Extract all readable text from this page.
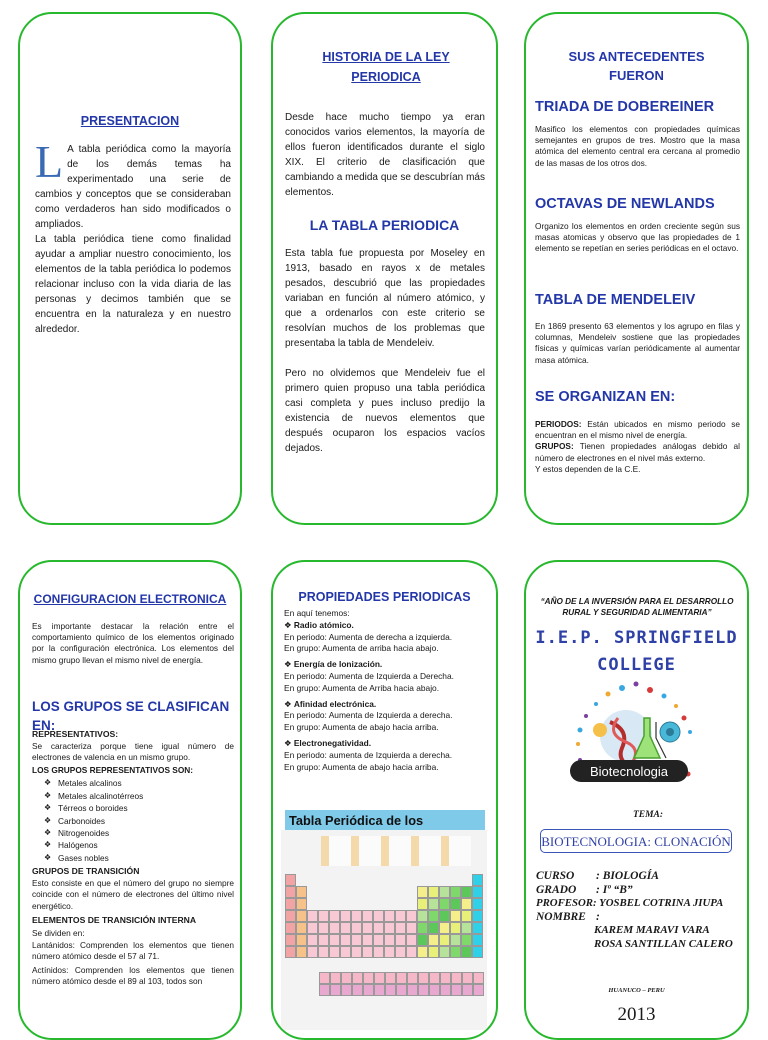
PRESENTACION

L A tabla periódica como la mayoría de los demás temas ha experimentado una serie de cambios y conceptos que se consideraban como verdaderos han sido modificados o ampliados.

La tabla periódica tiene como finalidad ayudar a ampliar nuestro conocimiento, los elementos de la tabla periódica lo podemos relacionar incluso con la vida diaria de las personas y decimos también que se encuentra en la naturaleza y en nuestro alrededor.

HISTORIA DE LA LEY PERIODICA

Desde hace mucho tiempo ya eran conocidos varios elementos, la mayoría de ellos fueron identificados durante el siglo XIX. El criterio de clasificación que cambiando a medida que se descubrían más elementos.

LA TABLA PERIODICA

Esta tabla fue propuesta por Moseley en 1913, basado en rayos x de metales pesados, descubrió que las propiedades variaban en función al número atómico, y que a ordenarlos con este criterio se resolvían muchos de los problemas que presentaba la tabla de Mendeleiv.

Pero no olvidemos que Mendeleiv fue el primero quien propuso una tabla periódica casi completa y pues incluso predijo la existencia de nuevos elementos que después ocuparon los espacios vacíos dejados.

SUS ANTECEDENTES FUERON

TRIADA DE DOBEREINER

Masifico los elementos con propiedades químicas semejantes en grupos de tres. Mostro que la masa atómica del elemento central era cercana al promedio de las masas de los otros dos.

OCTAVAS DE NEWLANDS

Organizo los elementos en orden creciente según sus masas atomicas y observo que las propiedades de 1 elemento se repetían en series periódicas en el octavo.

TABLA DE MENDELEIV

En 1869 presento 63 elementos y los agrupo en filas y columnas, Mendeleiv sostiene que las propiedades físicas y químicas varían periódicamente al aumentar masa atómica.

SE ORGANIZAN EN:

PERIODOS: Están ubicados en mismo periodo se encuentran en el mismo nivel de energía.

GRUPOS: Tienen propiedades análogas debido al número de electrones en el nivel más externo.

Y estos dependen de la C.E.

CONFIGURACION ELECTRONICA

Es importante destacar la relación entre el comportamiento químico de los elementos originado por la configuración electrónica. Los elementos del mismo grupo llevan el mismo nivel de energía.

LOS GRUPOS SE CLASIFICAN EN:

REPRESENTATIVOS:

Se caracteriza porque tiene igual número de electrones de valencia en un mismo grupo.

LOS GRUPOS REPRESENTATIVOS SON:

❖ Metales alcalinos
❖ Metales alcalinotérreos
❖ Térreos o boroides
❖ Carbonoides
❖ Nitrogenoides
❖ Halógenos
❖ Gases nobles

GRUPOS DE TRANSICIÓN

Esto consiste en que el número del grupo no siempre coincide con el número de electrones del último nivel energético.

ELEMENTOS DE TRANSICIÓN INTERNA

Se dividen en:

Lantánidos: Comprenden los elementos que tienen número atómico desde el 57 al 71.

Actínidos: Comprenden los elementos que tienen número atómico desde el 89 al 103, todos son

PROPIEDADES PERIODICAS

En aquí tenemos:

❖ Radio atómico.

En periodo: Aumenta de derecha a izquierda.

En grupo: Aumenta de arriba hacia abajo.

❖ Energía de Ionización.

En periodo: Aumenta de Izquierda a Derecha.

En grupo: Aumenta de Arriba hacia abajo.

❖ Afinidad electrónica.

En periodo: Aumenta de Izquierda a derecha.

En grupo: Aumenta de abajo hacia arriba.

❖ Electronegatividad.

En periodo: aumenta de Izquierda a derecha.

En grupo: Aumenta de abajo hacia arriba.

Tabla Periódica de los

“AÑO DE LA INVERSIÓN PARA EL DESARROLLO RURAL Y SEGURIDAD ALIMENTARIA”

I.E.P. SPRINGFIELD
COLLEGE
Biotecnologia
TEMA:
BIOTECNOLOGIA: CLONACIÓN
CURSO : BIOLOGÍA
GRADO : Iº “B”
PROFESOR: YOSBEL COTRINA JIUPA
NOMBRE :
KAREM MARAVI VARA
ROSA SANTILLAN CALERO
HUANUCO – PERU
2013
